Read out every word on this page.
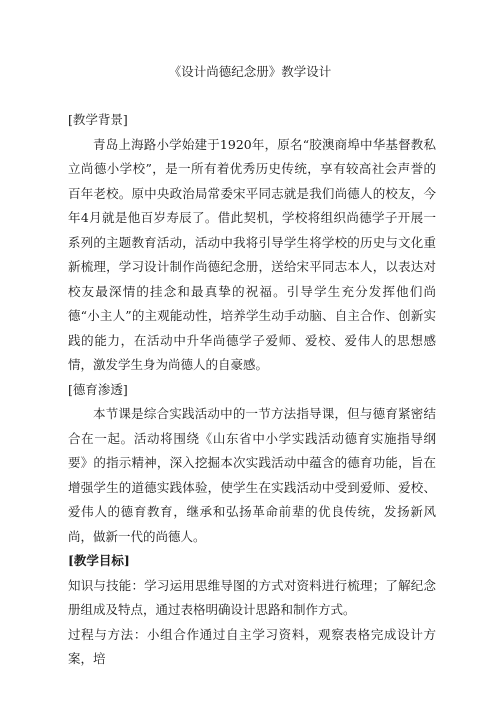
《设计尚德纪念册》教学设计

[教学背景]

青岛上海路小学始建于1920年，原名“胶澳商埠中华基督教私立尚德小学校”，是一所有着优秀历史传统，享有较高社会声誉的百年老校。原中央政治局常委宋平同志就是我们尚德人的校友，今年4月就是他百岁寿辰了。借此契机，学校将组织尚德学子开展一系列的主题教育活动，活动中我将引导学生将学校的历史与文化重新梳理，学习设计制作尚德纪念册，送给宋平同志本人，以表达对校友最深情的挂念和最真挚的祝福。引导学生充分发挥他们尚德“小主人”的主观能动性，培养学生动手动脑、自主合作、创新实践的能力，在活动中升华尚德学子爱师、爱校、爱伟人的思想感情，激发学生身为尚德人的自豪感。

[德育渗透]

本节课是综合实践活动中的一节方法指导课，但与德育紧密结合在一起。活动将围绕《山东省中小学实践活动德育实施指导纲要》的指示精神，深入挖掘本次实践活动中蕴含的德育功能，旨在增强学生的道德实践体验，使学生在实践活动中受到爱师、爱校、爱伟人的德育教育，继承和弘扬革命前辈的优良传统，发扬新风尚，做新一代的尚德人。

[教学目标]

知识与技能：学习运用思维导图的方式对资料进行梳理；了解纪念册组成及特点，通过表格明确设计思路和制作方式。

过程与方法：小组合作通过自主学习资料，观察表格完成设计方案，培
